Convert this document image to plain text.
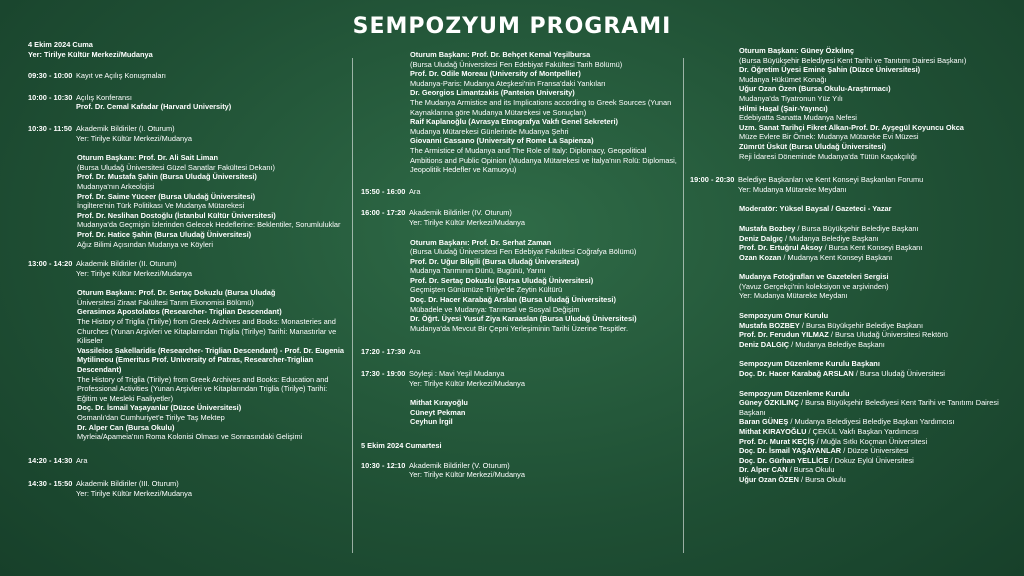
SEMPOZYUM PROGRAMI

4 Ekim 2024 Cuma

Yer: Tirilye Kültür Merkezi/Mudanya

09:30 - 10:00 Kayıt ve Açılış Konuşmaları
10:00 - 10:30 Açılış Konferansı

Prof. Dr. Cemal Kafadar (Harvard University)

10:30 - 11:50 Akademik Bildiriler (I. Oturum)

Yer: Tirilye Kültür Merkezi/Mudanya

Oturum Başkanı: Prof. Dr. Ali Sait Liman

(Bursa Uludağ Üniversitesi Güzel Sanatlar Fakültesi Dekanı)

Prof. Dr. Mustafa Şahin (Bursa Uludağ Üniversitesi)

Mudanya'nın Arkeolojisi

Prof. Dr. Saime Yüceer (Bursa Uludağ Üniversitesi)

İngiltere'nin Türk Politikası Ve Mudanya Mütarekesi

Prof. Dr. Neslihan Dostoğlu (İstanbul Kültür Üniversitesi)

Mudanya'da Geçmişin İzlerinden Gelecek Hedeflerine: Beklentiler, Sorumluluklar

Prof. Dr. Hatice Şahin (Bursa Uludağ Üniversitesi)

Ağız Bilimi Açısından Mudanya ve Köyleri

13:00 - 14:20 Akademik Bildiriler (II. Oturum)

Yer: Tirilye Kültür Merkezi/Mudanya

Oturum Başkanı: Prof. Dr. Sertaç Dokuzlu (Bursa Uludağ

Üniversitesi Ziraat Fakültesi Tarım Ekonomisi Bölümü)

Gerasimos Apostolatos (Researcher- Triglian Descendant)

The History of Triglia (Tirilye) from Greek Archives and Books: Monasteries and Churches (Yunan Arşivleri ve Kitaplarından Triglia (Tirilye) Tarihi: Manastırlar ve Kiliseler

Vassileios Sakellaridis (Researcher- Triglian Descendant) - Prof. Dr. Eugenia Mytilineou (Emeritus Prof. University of Patras, Researcher-Triglian Descendant)

The History of Triglia (Tirilye) from Greek Archives and Books: Education and Professional Activities (Yunan Arşivleri ve Kitaplarından Triglia (Tirilye) Tarihi: Eğitim ve Mesleki Faaliyetler)

Doç. Dr. İsmail Yaşayanlar (Düzce Üniversitesi)

Osmanlı'dan Cumhuriyet'e Tirilye Taş Mektep

Dr. Alper Can (Bursa Okulu)

Myrleia/Apameia'nın Roma Kolonisi Olması ve Sonrasındaki Gelişimi

14:20 - 14:30 Ara
14:30 - 15:50 Akademik Bildiriler (III. Oturum)

Yer: Tirilye Kültür Merkezi/Mudanya

Oturum Başkanı: Prof. Dr. Behçet Kemal Yeşilbursa

(Bursa Uludağ Üniversitesi Fen Edebiyat Fakültesi Tarih Bölümü)

Prof. Dr. Odile Moreau (University of Montpellier)

Mudanya-Paris: Mudanya Ateşkesi'nin Fransa'daki Yankıları

Dr. Georgios Limantzakis (Panteion University)

The Mudanya Armistice and its Implications according to Greek Sources (Yunan Kaynaklarına göre Mudanya Mütarekesi ve Sonuçları)

Raif Kaplanoğlu (Avrasya Etnografya Vakfı Genel Sekreteri)

Mudanya Mütarekesi Günlerinde Mudanya Şehri

Giovanni Cassano (University of Rome La Sapienza)

The Armistice of Mudanya and The Role of Italy: Diplomacy, Geopolitical Ambitions and Public Opinion (Mudanya Mütarekesi ve İtalya'nın Rolü: Diplomasi, Jeopolitik Hedefler ve Kamuoyu)

15:50 - 16:00 Ara
16:00 - 17:20 Akademik Bildiriler (IV. Oturum)

Yer: Tirilye Kültür Merkezi/Mudanya

Oturum Başkanı: Prof. Dr. Serhat Zaman

(Bursa Uludağ Üniversitesi Fen Edebiyat Fakültesi Coğrafya Bölümü)

Prof. Dr. Uğur Bilgili (Bursa Uludağ Üniversitesi)

Mudanya Tarımının Dünü, Bugünü, Yarını

Prof. Dr. Sertaç Dokuzlu (Bursa Uludağ Üniversitesi)

Geçmişten Günümüze Tirilye'de Zeytin Kültürü

Doç. Dr. Hacer Karabağ Arslan (Bursa Uludağ Üniversitesi)

Mübadele ve Mudanya: Tarımsal ve Sosyal Değişim

Dr. Öğrt. Üyesi Yusuf Ziya Karaaslan (Bursa Uludağ Üniversitesi)

Mudanya'da Mevcut Bir Çepni Yerleşiminin Tarihi Üzerine Tespitler.

17:20 - 17:30 Ara
17:30 - 19:00 Söyleşi : Mavi Yeşil Mudanya

Yer: Tirilye Kültür Merkezi/Mudanya

Mithat Kırayoğlu

Cüneyt Pekman

Ceyhun İrgil

5 Ekim 2024 Cumartesi

10:30 - 12:10 Akademik Bildiriler (V. Oturum)

Yer: Tirilye Kültür Merkezi/Mudanya

Oturum Başkanı: Güney Özkılınç

(Bursa Büyükşehir Belediyesi Kent Tarihi ve Tanıtımı Dairesi Başkanı)

Dr. Öğretim Üyesi Emine Şahin (Düzce Üniversitesi)

Mudanya Hükümet Konağı

Uğur Ozan Özen (Bursa Okulu-Araştırmacı)

Mudanya'da Tiyatronun Yüz Yılı

Hilmi Haşal (Şair-Yayıncı)

Edebiyatta Sanatta Mudanya Nefesi

Uzm. Sanat Tarihçi Fikret Alkan-Prof. Dr. Ayşegül Koyuncu Okca

Müze Evlere Bir Örnek: Mudanya Mütareke Evi Müzesi

Zümrüt Üsküt (Bursa Uludağ Üniversitesi)

Reji İdaresi Döneminde Mudanya'da Tütün Kaçakçılığı

19:00 - 20:30 Belediye Başkanları ve Kent Konseyi Başkanları Forumu

Yer: Mudanya Mütareke Meydanı

Moderatör: Yüksel Baysal / Gazeteci - Yazar

Mustafa Bozbey / Bursa Büyükşehir Belediye Başkanı

Deniz Dalgıç / Mudanya Belediye Başkanı

Prof. Dr. Ertuğrul Aksoy / Bursa Kent Konseyi Başkanı

Ozan Kozan / Mudanya Kent Konseyi Başkanı

Mudanya Fotoğrafları ve Gazeteleri Sergisi

(Yavuz Gerçekçi'nin koleksiyon ve arşivinden)

Yer: Mudanya Mütareke Meydanı

Sempozyum Onur Kurulu

Mustafa BOZBEY / Bursa Büyükşehir Belediye Başkanı

Prof. Dr. Ferudun YILMAZ / Bursa Uludağ Üniversitesi Rektörü

Deniz DALGIÇ / Mudanya Belediye Başkanı

Sempozyum Düzenleme Kurulu Başkanı

Doç. Dr. Hacer Karabağ ARSLAN / Bursa Uludağ Üniversitesi

Sempozyum Düzenleme Kurulu

Güney ÖZKILINÇ / Bursa Büyükşehir Belediyesi Kent Tarihi ve Tanıtımı Dairesi Başkanı

Baran GÜNEŞ / Mudanya Belediyesi Belediye Başkan Yardımcısı

Mithat KIRAYOĞLU / ÇEKÜL Vakfı Başkan Yardımcısı

Prof. Dr. Murat KEÇİŞ / Muğla Sıtkı Koçman Üniversitesi

Doç. Dr. İsmail YAŞAYANLAR / Düzce Üniversitesi

Doç. Dr. Gürhan YELLİCE / Dokuz Eylül Üniversitesi

Dr. Alper CAN / Bursa Okulu

Uğur Ozan ÖZEN / Bursa Okulu
